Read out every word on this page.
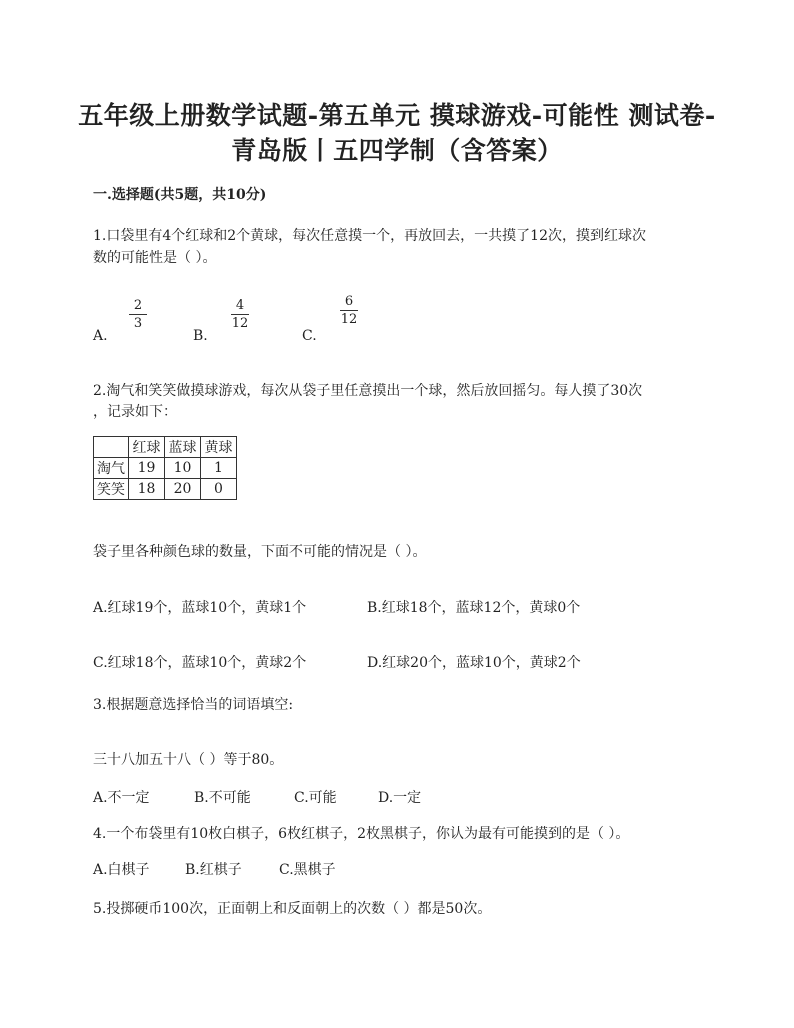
五年级上册数学试题-第五单元 摸球游戏-可能性 测试卷-
青岛版丨五四学制（含答案）
一.选择题(共5题，共10分)
1.口袋里有4个红球和2个黄球，每次任意摸一个，再放回去，一共摸了12次，摸到红球次
数的可能性是（ ）。
A.
2
3
B.
4
12
C.
6
12
2.淘气和笑笑做摸球游戏，每次从袋子里任意摸出一个球，然后放回摇匀。每人摸了30次
，记录如下：
	红球	蓝球	黄球
淘气	19	10	1
笑笑	18	20	0
袋子里各种颜色球的数量，下面不可能的情况是（ ）。
A.红球19个，蓝球10个，黄球1个	B.红球18个，蓝球12个，黄球0个
C.红球18个，蓝球10个，黄球2个	D.红球20个，蓝球10个，黄球2个
3.根据题意选择恰当的词语填空:
三十八加五十八（ ）等于80。
A.不一定	B.不可能	C.可能	D.一定
4.一个布袋里有10枚白棋子，6枚红棋子，2枚黑棋子，你认为最有可能摸到的是（ ）。
A.白棋子	B.红棋子	C.黑棋子
5.投掷硬币100次，正面朝上和反面朝上的次数（ ）都是50次。
